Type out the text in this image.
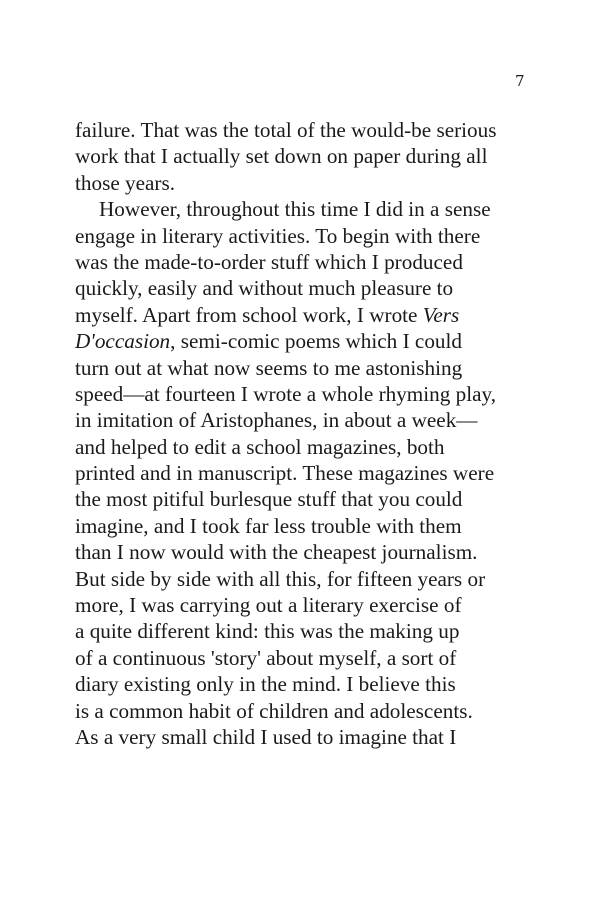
7
failure. That was the total of the would-be serious
work that I actually set down on paper during all
those years.
However, throughout this time I did in a sense
engage in literary activities. To begin with there
was the made-to-order stuff which I produced
quickly, easily and without much pleasure to
myself. Apart from school work, I wrote Vers
D'occasion, semi-comic poems which I could
turn out at what now seems to me astonishing
speed—at fourteen I wrote a whole rhyming play,
in imitation of Aristophanes, in about a week—
and helped to edit a school magazines, both
printed and in manuscript. These magazines were
the most pitiful burlesque stuff that you could
imagine, and I took far less trouble with them
than I now would with the cheapest journalism.
But side by side with all this, for fifteen years or
more, I was carrying out a literary exercise of
a quite different kind: this was the making up
of a continuous 'story' about myself, a sort of
diary existing only in the mind. I believe this
is a common habit of children and adolescents.
As a very small child I used to imagine that I
